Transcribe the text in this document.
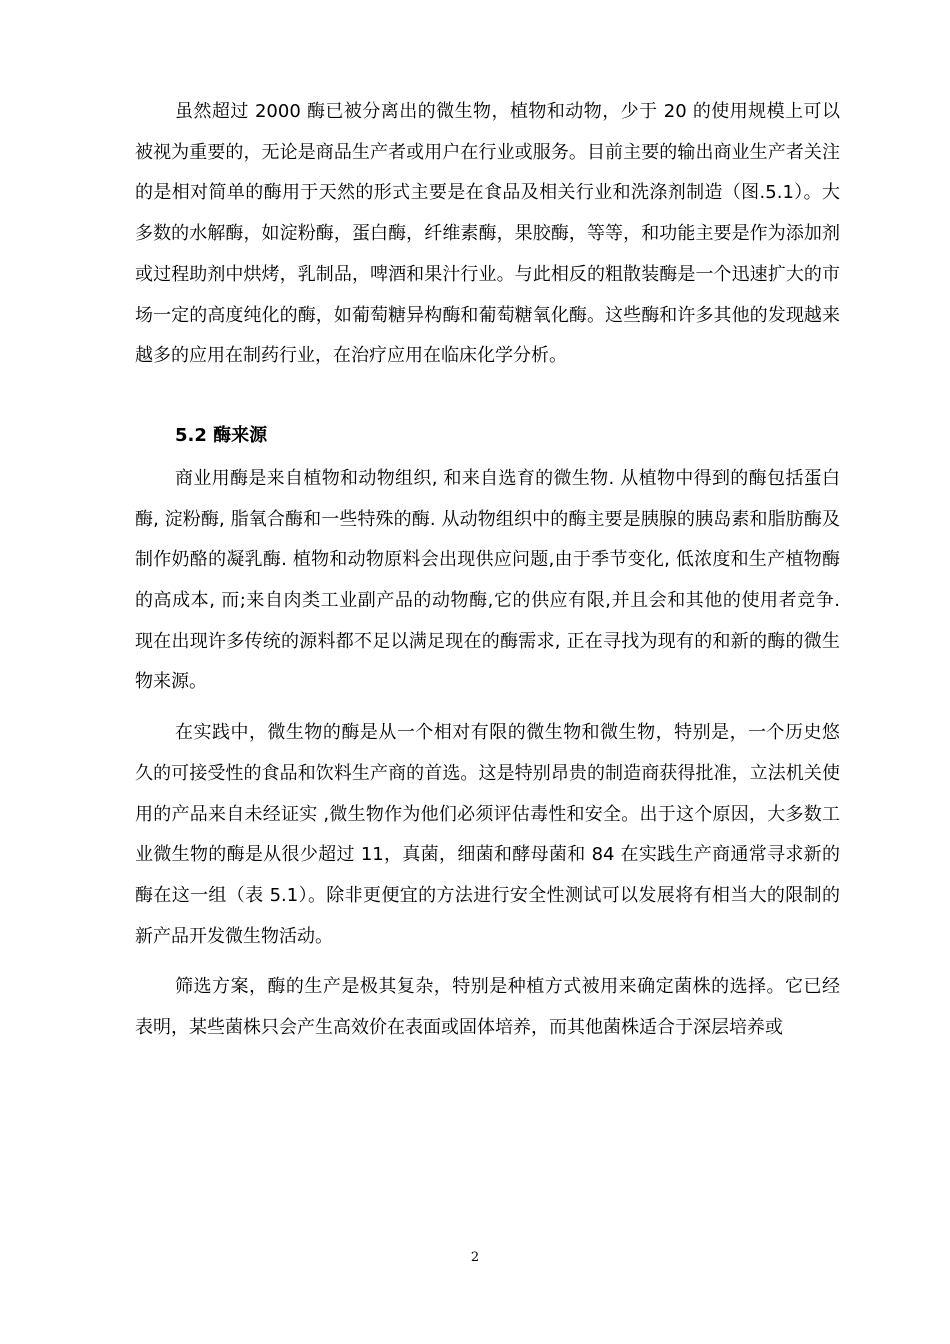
虽然超过 2000 酶已被分离出的微生物，植物和动物，少于 20 的使用规模上可以被视为重要的，无论是商品生产者或用户在行业或服务。目前主要的输出商业生产者关注的是相对简单的酶用于天然的形式主要是在食品及相关行业和洗涤剂制造（图.5.1）。大多数的水解酶，如淀粉酶，蛋白酶，纤维素酶，果胶酶，等等，和功能主要是作为添加剂或过程助剂中烘烤，乳制品，啤酒和果汁行业。与此相反的粗散装酶是一个迅速扩大的市场一定的高度纯化的酶，如葡萄糖异构酶和葡萄糖氧化酶。这些酶和许多其他的发现越来越多的应用在制药行业，在治疗应用在临床化学分析。

5.2 酶来源

商业用酶是来自植物和动物组织, 和来自选育的微生物. 从植物中得到的酶包括蛋白酶, 淀粉酶, 脂氧合酶和一些特殊的酶. 从动物组织中的酶主要是胰腺的胰岛素和脂肪酶及制作奶酪的凝乳酶. 植物和动物原料会出现供应问题,由于季节变化, 低浓度和生产植物酶的高成本, 而;来自肉类工业副产品的动物酶,它的供应有限,并且会和其他的使用者竞争. 现在出现许多传统的源料都不足以满足现在的酶需求, 正在寻找为现有的和新的酶的微生物来源。

在实践中，微生物的酶是从一个相对有限的微生物和微生物，特别是，一个历史悠久的可接受性的食品和饮料生产商的首选。这是特别昂贵的制造商获得批准，立法机关使用的产品来自未经证实 ,微生物作为他们必须评估毒性和安全。出于这个原因，大多数工业微生物的酶是从很少超过 11，真菌，细菌和酵母菌和 84 在实践生产商通常寻求新的酶在这一组（表 5.1）。除非更便宜的方法进行安全性测试可以发展将有相当大的限制的新产品开发微生物活动。

筛选方案，酶的生产是极其复杂，特别是种植方式被用来确定菌株的选择。它已经表明，某些菌株只会产生高效价在表面或固体培养，而其他菌株适合于深层培养或

2
